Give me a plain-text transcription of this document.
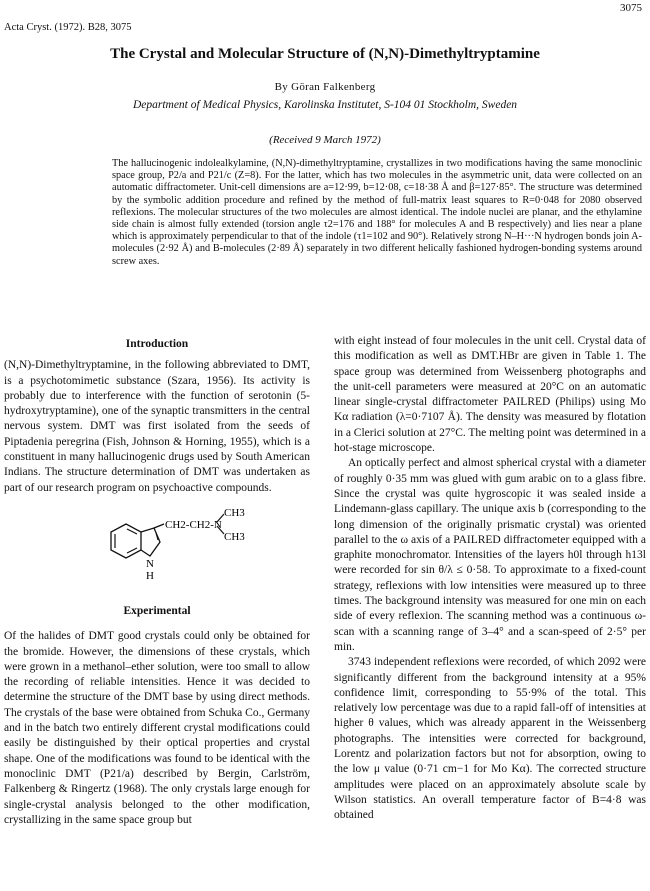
3075
Acta Cryst. (1972). B28, 3075
The Crystal and Molecular Structure of (N,N)-Dimethyltryptamine
By Göran Falkenberg
Department of Medical Physics, Karolinska Institutet, S-104 01 Stockholm, Sweden
(Received 9 March 1972)
The hallucinogenic indolealkylamine, (N,N)-dimethyltryptamine, crystallizes in two modifications having the same monoclinic space group, P2/a and P21/c (Z=8). For the latter, which has two molecules in the asymmetric unit, data were collected on an automatic diffractometer. Unit-cell dimensions are a=12·99, b=12·08, c=18·38 Å and β=127·85°. The structure was determined by the symbolic addition procedure and refined by the method of full-matrix least squares to R=0·048 for 2080 observed reflexions. The molecular structures of the two molecules are almost identical. The indole nuclei are planar, and the ethylamine side chain is almost fully extended (torsion angle τ2=176 and 188° for molecules A and B respectively) and lies near a plane which is approximately perpendicular to that of the indole (τ1=102 and 90°). Relatively strong N–H···N hydrogen bonds join A-molecules (2·92 Å) and B-molecules (2·89 Å) separately in two different helically fashioned hydrogen-bonding systems around screw axes.
Introduction
(N,N)-Dimethyltryptamine, in the following abbreviated to DMT, is a psychotomimetic substance (Szara, 1956). Its activity is probably due to interference with the function of serotonin (5-hydroxytryptamine), one of the synaptic transmitters in the central nervous system. DMT was first isolated from the seeds of Piptadenia peregrina (Fish, Johnson & Horning, 1955), which is a constituent in many hallucinogenic drugs used by South American Indians. The structure determination of DMT was undertaken as part of our research program on psychoactive compounds.
CH2-CH2-N
CH3
CH3
N
H
Experimental
Of the halides of DMT good crystals could only be obtained for the bromide. However, the dimensions of these crystals, which were grown in a methanol–ether solution, were too small to allow the recording of reliable intensities. Hence it was decided to determine the structure of the DMT base by using direct methods. The crystals of the base were obtained from Schuka Co., Germany and in the batch two entirely different crystal modifications could easily be distinguished by their optical properties and crystal shape. One of the modifications was found to be identical with the monoclinic DMT (P21/a) described by Bergin, Carlström, Falkenberg & Ringertz (1968). The only crystals large enough for single-crystal analysis belonged to the other modification, crystallizing in the same space group but
with eight instead of four molecules in the unit cell. Crystal data of this modification as well as DMT.HBr are given in Table 1. The space group was determined from Weissenberg photographs and the unit-cell parameters were measured at 20°C on an automatic linear single-crystal diffractometer PAILRED (Philips) using Mo Kα radiation (λ=0·7107 Å). The density was measured by flotation in a Clerici solution at 27°C. The melting point was determined in a hot-stage microscope.
An optically perfect and almost spherical crystal with a diameter of roughly 0·35 mm was glued with gum arabic on to a glass fibre. Since the crystal was quite hygroscopic it was sealed inside a Lindemann-glass capillary. The unique axis b (corresponding to the long dimension of the originally prismatic crystal) was oriented parallel to the ω axis of a PAILRED diffractometer equipped with a graphite monochromator. Intensities of the layers h0l through h13l were recorded for sin θ/λ ≤ 0·58. To approximate to a fixed-count strategy, reflexions with low intensities were measured up to three times. The background intensity was measured for one min on each side of every reflexion. The scanning method was a continuous ω-scan with a scanning range of 3–4° and a scan-speed of 2·5° per min.
3743 independent reflexions were recorded, of which 2092 were significantly different from the background intensity at a 95% confidence limit, corresponding to 55·9% of the total. This relatively low percentage was due to a rapid fall-off of intensities at higher θ values, which was already apparent in the Weissenberg photographs. The intensities were corrected for background, Lorentz and polarization factors but not for absorption, owing to the low μ value (0·71 cm−1 for Mo Kα). The corrected structure amplitudes were placed on an approximately absolute scale by Wilson statistics. An overall temperature factor of B=4·8 was obtained
